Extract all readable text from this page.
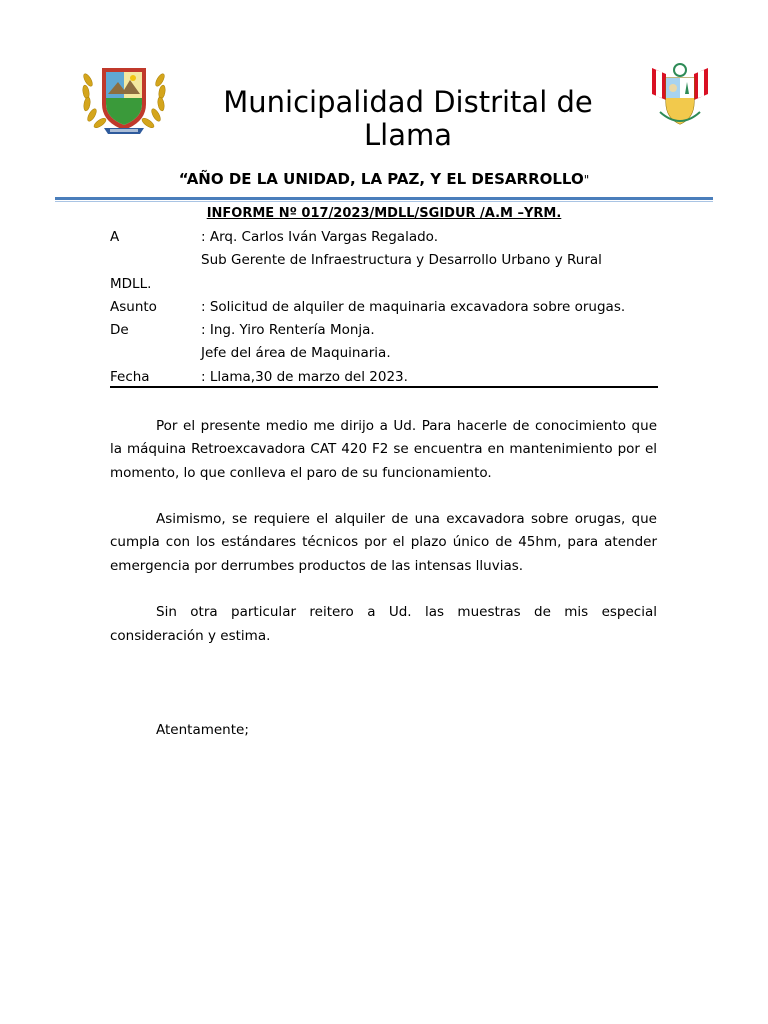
Municipalidad Distrital de Llama
“AÑO DE LA UNIDAD, LA PAZ, Y EL DESARROLLO"
INFORME Nº 017/2023/MDLL/SGIDUR /A.M –YRM.
A	: Arq. Carlos Iván Vargas Regalado.
Sub Gerente de Infraestructura y Desarrollo Urbano y Rural
MDLL.
Asunto	: Solicitud de alquiler de maquinaria excavadora sobre orugas.
De	: Ing. Yiro Rentería Monja.
Jefe del área de Maquinaria.
Fecha	: Llama,30 de marzo del 2023.

Por el presente medio me dirijo a Ud. Para hacerle de conocimiento que la máquina Retroexcavadora CAT 420 F2 se encuentra en mantenimiento por el momento, lo que conlleva el paro de su funcionamiento.

Asimismo, se requiere el alquiler de una excavadora sobre orugas, que cumpla con los estándares técnicos por el plazo único de 45hm, para atender emergencia por derrumbes productos de las intensas lluvias.

Sin otra particular reitero a Ud. las muestras de mis especial consideración y estima.

Atentamente;
